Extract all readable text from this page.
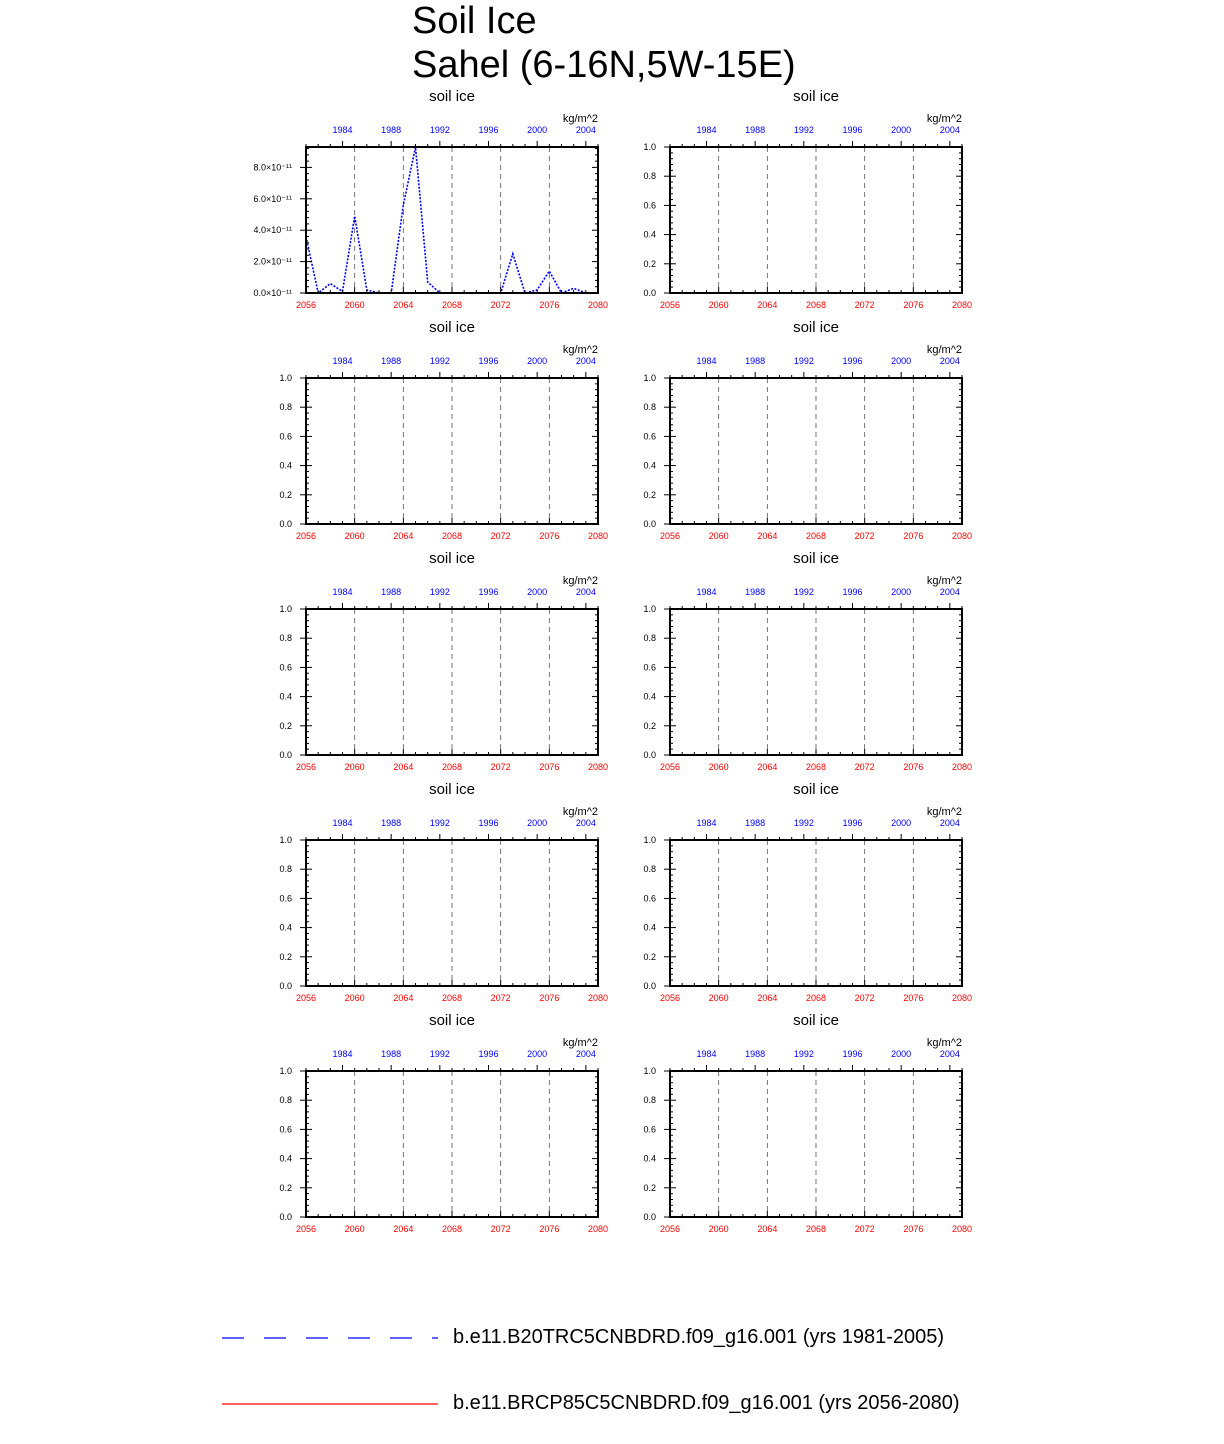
Soil Ice
Sahel (6-16N,5W-15E)
2056	2060	2064	2068	2072	2076	2080
1984	1988	1992	1996	2000	2004
0.0×10⁻¹¹
2.0×10⁻¹¹
4.0×10⁻¹¹
6.0×10⁻¹¹
8.0×10⁻¹¹
soil ice
kg/m^2
2056	2060	2064	2068	2072	2076	2080
1984	1988	1992	1996	2000	2004
0.0
0.2
0.4
0.6
0.8
1.0
soil ice
kg/m^2
2056	2060	2064	2068	2072	2076	2080
1984	1988	1992	1996	2000	2004
0.0
0.2
0.4
0.6
0.8
1.0
soil ice
kg/m^2
2056	2060	2064	2068	2072	2076	2080
1984	1988	1992	1996	2000	2004
0.0
0.2
0.4
0.6
0.8
1.0
soil ice
kg/m^2
2056	2060	2064	2068	2072	2076	2080
1984	1988	1992	1996	2000	2004
0.0
0.2
0.4
0.6
0.8
1.0
soil ice
kg/m^2
2056	2060	2064	2068	2072	2076	2080
1984	1988	1992	1996	2000	2004
0.0
0.2
0.4
0.6
0.8
1.0
soil ice
kg/m^2
2056	2060	2064	2068	2072	2076	2080
1984	1988	1992	1996	2000	2004
0.0
0.2
0.4
0.6
0.8
1.0
soil ice
kg/m^2
2056	2060	2064	2068	2072	2076	2080
1984	1988	1992	1996	2000	2004
0.0
0.2
0.4
0.6
0.8
1.0
soil ice
kg/m^2
2056	2060	2064	2068	2072	2076	2080
1984	1988	1992	1996	2000	2004
0.0
0.2
0.4
0.6
0.8
1.0
soil ice
kg/m^2
2056	2060	2064	2068	2072	2076	2080
1984	1988	1992	1996	2000	2004
0.0
0.2
0.4
0.6
0.8
1.0
soil ice
kg/m^2
b.e11.B20TRC5CNBDRD.f09_g16.001 (yrs 1981-2005)
b.e11.BRCP85C5CNBDRD.f09_g16.001 (yrs 2056-2080)
